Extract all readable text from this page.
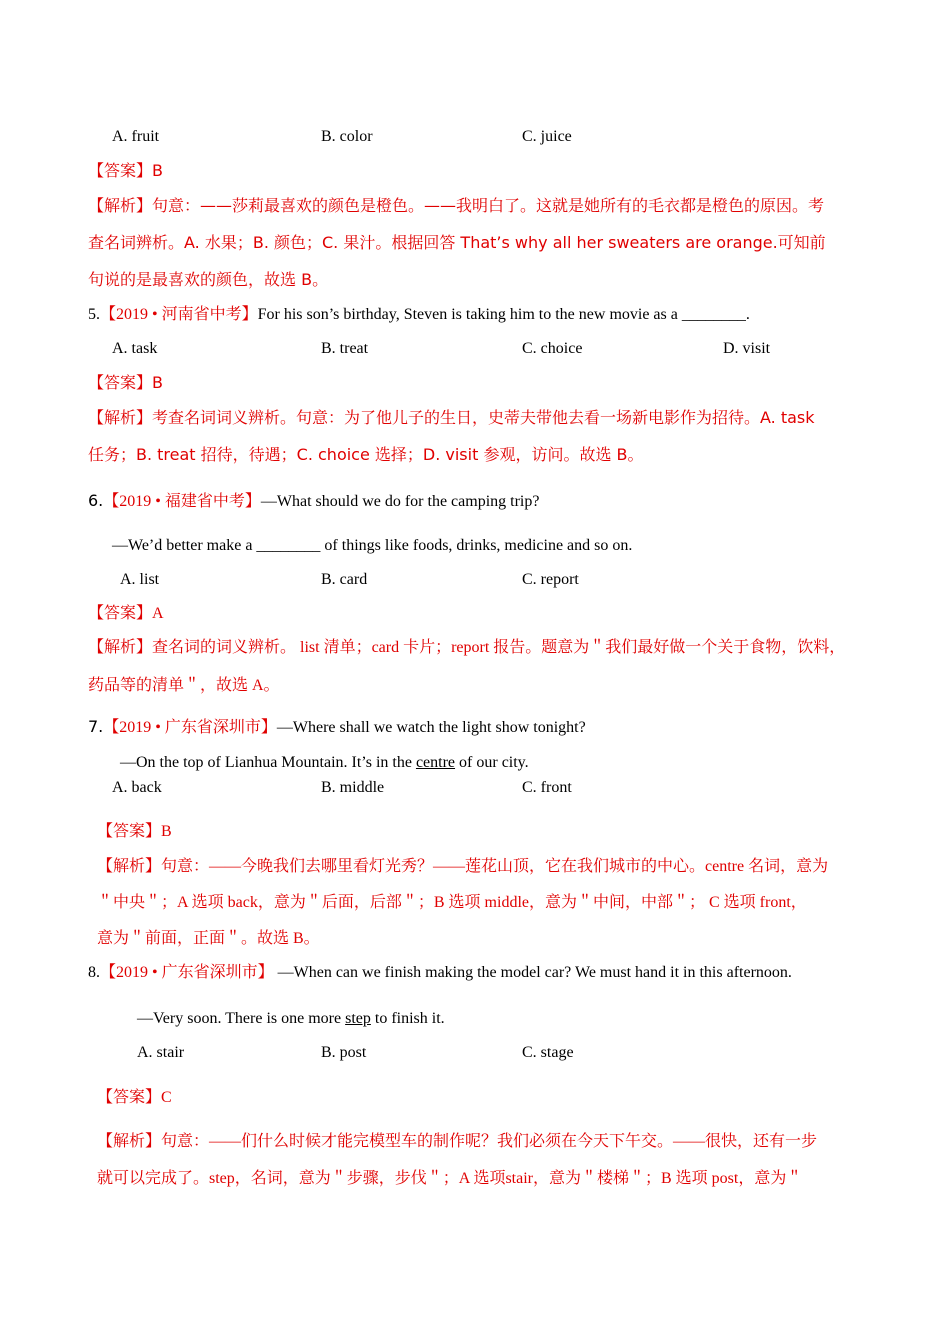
A. fruit	B. color	C. juice
【答案】B
【解析】句意：——莎莉最喜欢的颜色是橙色。——我明白了。这就是她所有的毛衣都是橙色的原因。考
查名词辨析。A. 水果；B. 颜色；C. 果汁。根据回答 That’s why all her sweaters are orange.可知前
句说的是最喜欢的颜色，故选 B。
5.【2019 • 河南省中考】For his son’s birthday, Steven is taking him to the new movie as a ________.
A. task	B. treat	C. choice	D. visit
【答案】B
【解析】考查名词词义辨析。句意：为了他儿子的生日，史蒂夫带他去看一场新电影作为招待。A. task
任务；B. treat 招待，待遇；C. choice 选择；D. visit 参观，访问。故选 B。
6.【2019 • 福建省中考】—What should we do for the camping trip?
—We’d better make a ________ of things like foods, drinks, medicine and so on.
A. list	B. card	C. report
【答案】A
【解析】查名词的词义辨析。 list 清单；card 卡片；report 报告。题意为＂我们最好做一个关于食物，饮料，
药品等的清单＂，故选 A。
7.【2019 • 广东省深圳市】—Where shall we watch the light show tonight?
—On the top of Lianhua Mountain. It’s in the centre of our city.
A. back	B. middle	C. front
【答案】B
【解析】句意：——今晚我们去哪里看灯光秀？——莲花山顶，它在我们城市的中心。centre 名词，意为
＂中央＂；A 选项 back，意为＂后面，后部＂；B 选项 middle，意为＂中间，中部＂； C 选项 front，
意为＂前面，正面＂。故选 B。
8.【2019 • 广东省深圳市】 —When can we finish making the model car? We must hand it in this afternoon.
—Very soon. There is one more step to finish it.
A. stair	B. post	C. stage
【答案】C
【解析】句意：——们什么时候才能完模型车的制作呢？我们必须在今天下午交。——很快，还有一步
就可以完成了。step，名词，意为＂步骤，步伐＂；A 选项stair，意为＂楼梯＂；B 选项 post，意为＂
